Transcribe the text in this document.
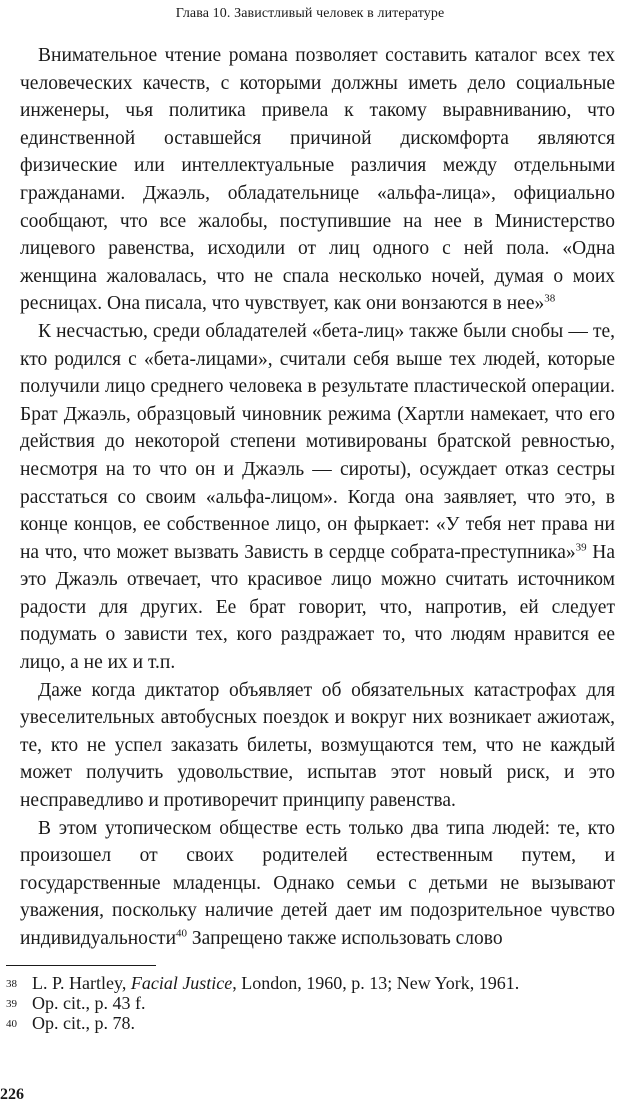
Глава 10. Завистливый человек в литературе

Внимательное чтение романа позволяет составить каталог всех тех человеческих качеств, с которыми должны иметь дело социальные инженеры, чья политика привела к такому выравниванию, что единственной оставшейся причиной дискомфорта являются физические или интеллектуальные различия между отдельными гражданами. Джаэль, обладательнице «альфа-лица», официально сообщают, что все жалобы, поступившие на нее в Министерство лицевого равенства, исходили от лиц одного с ней пола. «Одна женщина жаловалась, что не спала несколько ночей, думая о моих ресницах. Она писала, что чувствует, как они вонзаются в нее»$^{38}$

К несчастью, среди обладателей «бета-лиц» также были снобы — те, кто родился с «бета-лицами», считали себя выше тех людей, которые получили лицо среднего человека в результате пластической операции. Брат Джаэль, образцовый чиновник режима (Хартли намекает, что его действия до некоторой степени мотивированы братской ревностью, несмотря на то что он и Джаэль — сироты), осуждает отказ сестры расстаться со своим «альфа-лицом». Когда она заявляет, что это, в конце концов, ее собственное лицо, он фыркает: «У тебя нет права ни на что, что может вызвать Зависть в сердце собрата-преступника»$^{39}$ На это Джаэль отвечает, что красивое лицо можно считать источником радости для других. Ее брат говорит, что, напротив, ей следует подумать о зависти тех, кого раздражает то, что людям нравится ее лицо, а не их и т.п.

Даже когда диктатор объявляет об обязательных катастрофах для увеселительных автобусных поездок и вокруг них возникает ажиотаж, те, кто не успел заказать билеты, возмущаются тем, что не каждый может получить удовольствие, испытав этот новый риск, и это несправедливо и противоречит принципу равенства.

В этом утопическом обществе есть только два типа людей: те, кто произошел от своих родителей естественным путем, и государственные младенцы. Однако семьи с детьми не вызывают уважения, поскольку наличие детей дает им подозрительное чувство индивидуальности$^{40}$ Запрещено также использовать слово

38 L. P. Hartley, Facial Justice, London, 1960, p. 13; New York, 1961.
39 Op. cit., p. 43 f.
40 Op. cit., p. 78.
226
